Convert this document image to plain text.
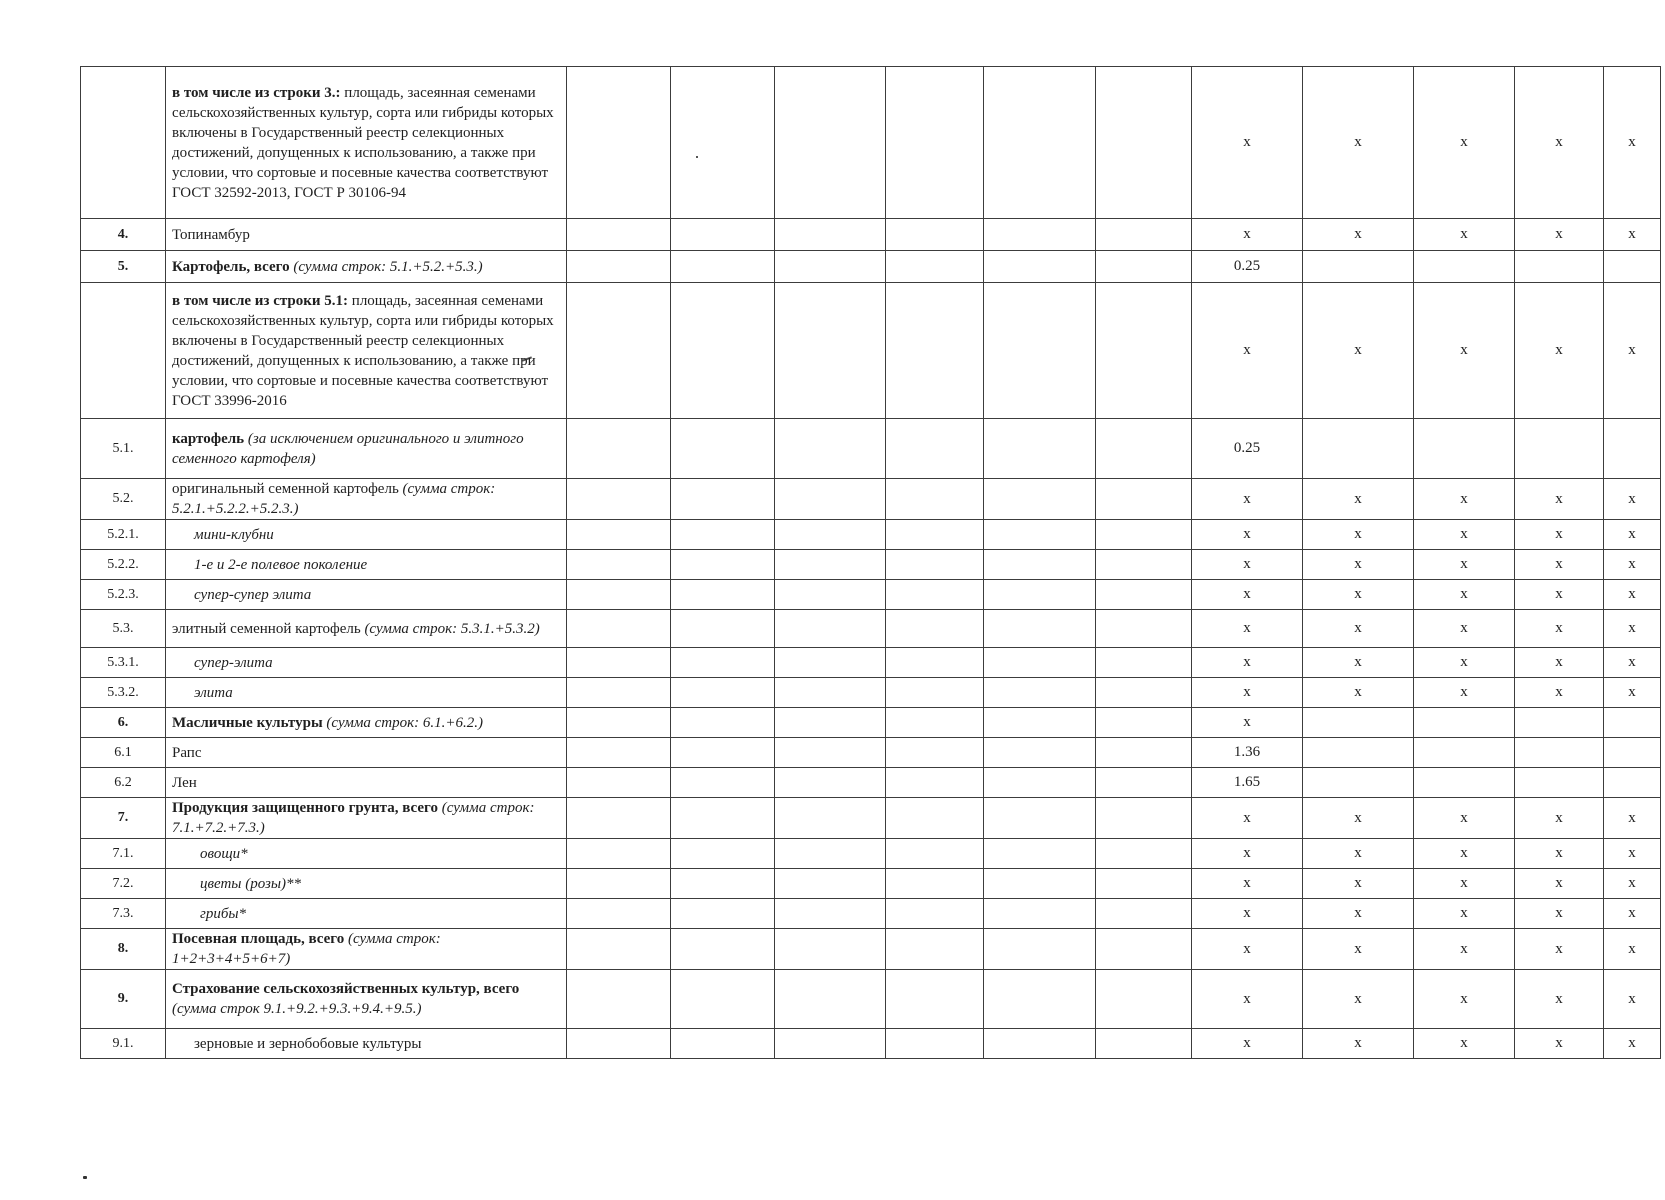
	в том числе из строки 3.: площадь, засеянная семенами сельскохозяйственных культур, сорта или гибриды которых включены в Государственный реестр селекционных достижений, допущенных к использованию, а также при условии, что сортовые и посевные качества соответствуют ГОСТ 32592-2013, ГОСТ Р 30106-94							x	x	x	x	x
4.	Топинамбур							x	x	x	x	x
5.	Картофель, всего (сумма строк: 5.1.+5.2.+5.3.)							0.25				
	в том числе из строки 5.1: площадь, засеянная семенами сельскохозяйственных культур, сорта или гибриды которых включены в Государственный реестр селекционных достижений, допущенных к использованию, а также при условии, что сортовые и посевные качества соответствуют ГОСТ 33996-2016							x	x	x	x	x
5.1.	картофель (за исключением оригинального и элитного семенного картофеля)							0.25				
5.2.	оригинальный семенной картофель (сумма строк: 5.2.1.+5.2.2.+5.2.3.)							x	x	x	x	x
5.2.1.	мини-клубни							x	x	x	x	x
5.2.2.	1-е и 2-е полевое поколение							x	x	x	x	x
5.2.3.	супер-супер элита							x	x	x	x	x
5.3.	элитный семенной картофель (сумма строк: 5.3.1.+5.3.2)							x	x	x	x	x
5.3.1.	супер-элита							x	x	x	x	x
5.3.2.	элита							x	x	x	x	x
6.	Масличные культуры (сумма строк: 6.1.+6.2.)							x				
6.1	Рапс							1.36				
6.2	Лен							1.65				
7.	Продукция защищенного грунта, всего (сумма строк: 7.1.+7.2.+7.3.)							x	x	x	x	x
7.1.	овощи*							x	x	x	x	x
7.2.	цветы (розы)**							x	x	x	x	x
7.3.	грибы*							x	x	x	x	x
8.	Посевная площадь, всего (сумма строк: 1+2+3+4+5+6+7)							x	x	x	x	x
9.	Страхование сельскохозяйственных культур, всего (сумма строк 9.1.+9.2.+9.3.+9.4.+9.5.)							x	x	x	x	x
9.1.	зерновые и зернобобовые культуры							x	x	x	x	x
